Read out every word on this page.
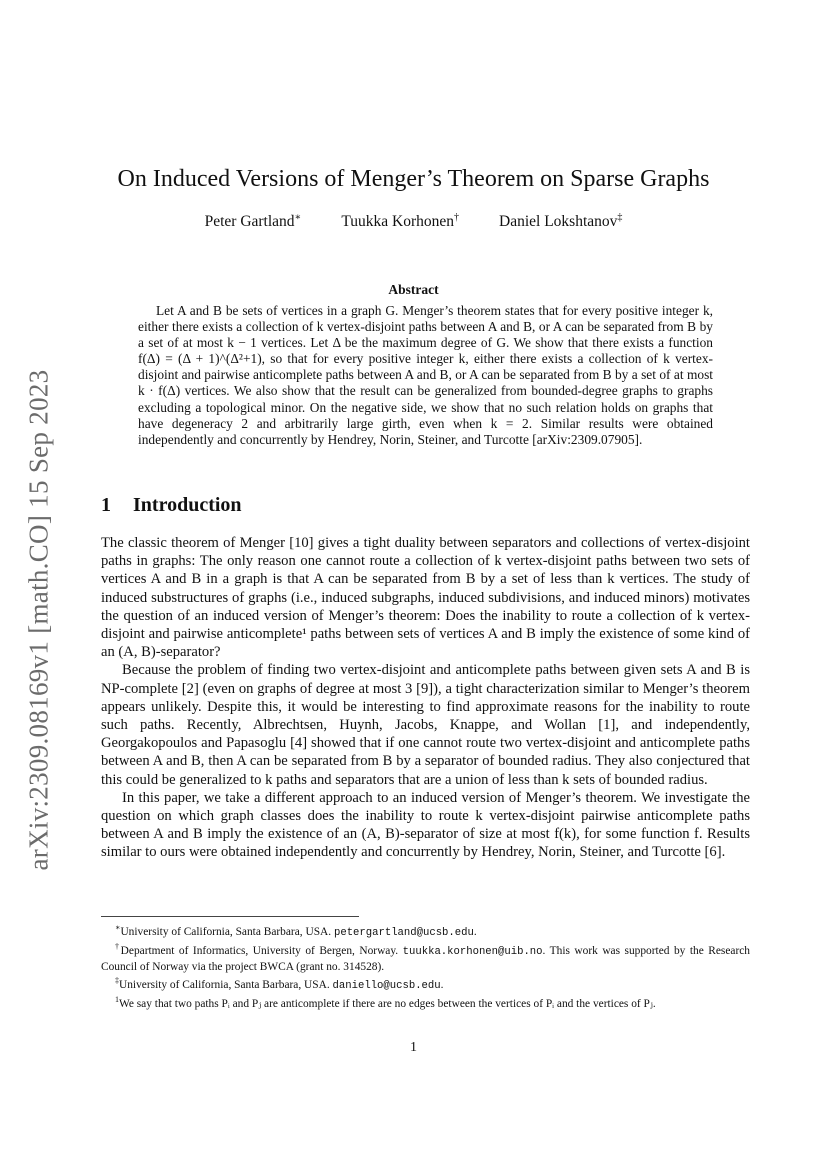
arXiv:2309.08169v1 [math.CO] 15 Sep 2023
On Induced Versions of Menger’s Theorem on Sparse Graphs
Peter Gartland∗	Tuukka Korhonen†	Daniel Lokshtanov‡
Abstract

Let A and B be sets of vertices in a graph G. Menger’s theorem states that for every positive integer k, either there exists a collection of k vertex-disjoint paths between A and B, or A can be separated from B by a set of at most k − 1 vertices. Let Δ be the maximum degree of G. We show that there exists a function f(Δ) = (Δ + 1)^(Δ²+1), so that for every positive integer k, either there exists a collection of k vertex-disjoint and pairwise anticomplete paths between A and B, or A can be separated from B by a set of at most k · f(Δ) vertices. We also show that the result can be generalized from bounded-degree graphs to graphs excluding a topological minor. On the negative side, we show that no such relation holds on graphs that have degeneracy 2 and arbitrarily large girth, even when k = 2. Similar results were obtained independently and concurrently by Hendrey, Norin, Steiner, and Turcotte [arXiv:2309.07905].

1 Introduction

The classic theorem of Menger [10] gives a tight duality between separators and collections of vertex-disjoint paths in graphs: The only reason one cannot route a collection of k vertex-disjoint paths between two sets of vertices A and B in a graph is that A can be separated from B by a set of less than k vertices. The study of induced substructures of graphs (i.e., induced subgraphs, induced subdivisions, and induced minors) motivates the question of an induced version of Menger’s theorem: Does the inability to route a collection of k vertex-disjoint and pairwise anticomplete¹ paths between sets of vertices A and B imply the existence of some kind of an (A, B)-separator?

Because the problem of finding two vertex-disjoint and anticomplete paths between given sets A and B is NP-complete [2] (even on graphs of degree at most 3 [9]), a tight characterization similar to Menger’s theorem appears unlikely. Despite this, it would be interesting to find approximate reasons for the inability to route such paths. Recently, Albrechtsen, Huynh, Jacobs, Knappe, and Wollan [1], and independently, Georgakopoulos and Papasoglu [4] showed that if one cannot route two vertex-disjoint and anticomplete paths between A and B, then A can be separated from B by a separator of bounded radius. They also conjectured that this could be generalized to k paths and separators that are a union of less than k sets of bounded radius.

In this paper, we take a different approach to an induced version of Menger’s theorem. We investigate the question on which graph classes does the inability to route k vertex-disjoint pairwise anticomplete paths between A and B imply the existence of an (A, B)-separator of size at most f(k), for some function f. Results similar to ours were obtained independently and concurrently by Hendrey, Norin, Steiner, and Turcotte [6].

∗University of California, Santa Barbara, USA. petergartland@ucsb.edu.

†Department of Informatics, University of Bergen, Norway. tuukka.korhonen@uib.no. This work was supported by the Research Council of Norway via the project BWCA (grant no. 314528).

‡University of California, Santa Barbara, USA. daniello@ucsb.edu.

$^1$We say that two paths Pᵢ and Pⱼ are anticomplete if there are no edges between the vertices of Pᵢ and the vertices of Pⱼ.

1
